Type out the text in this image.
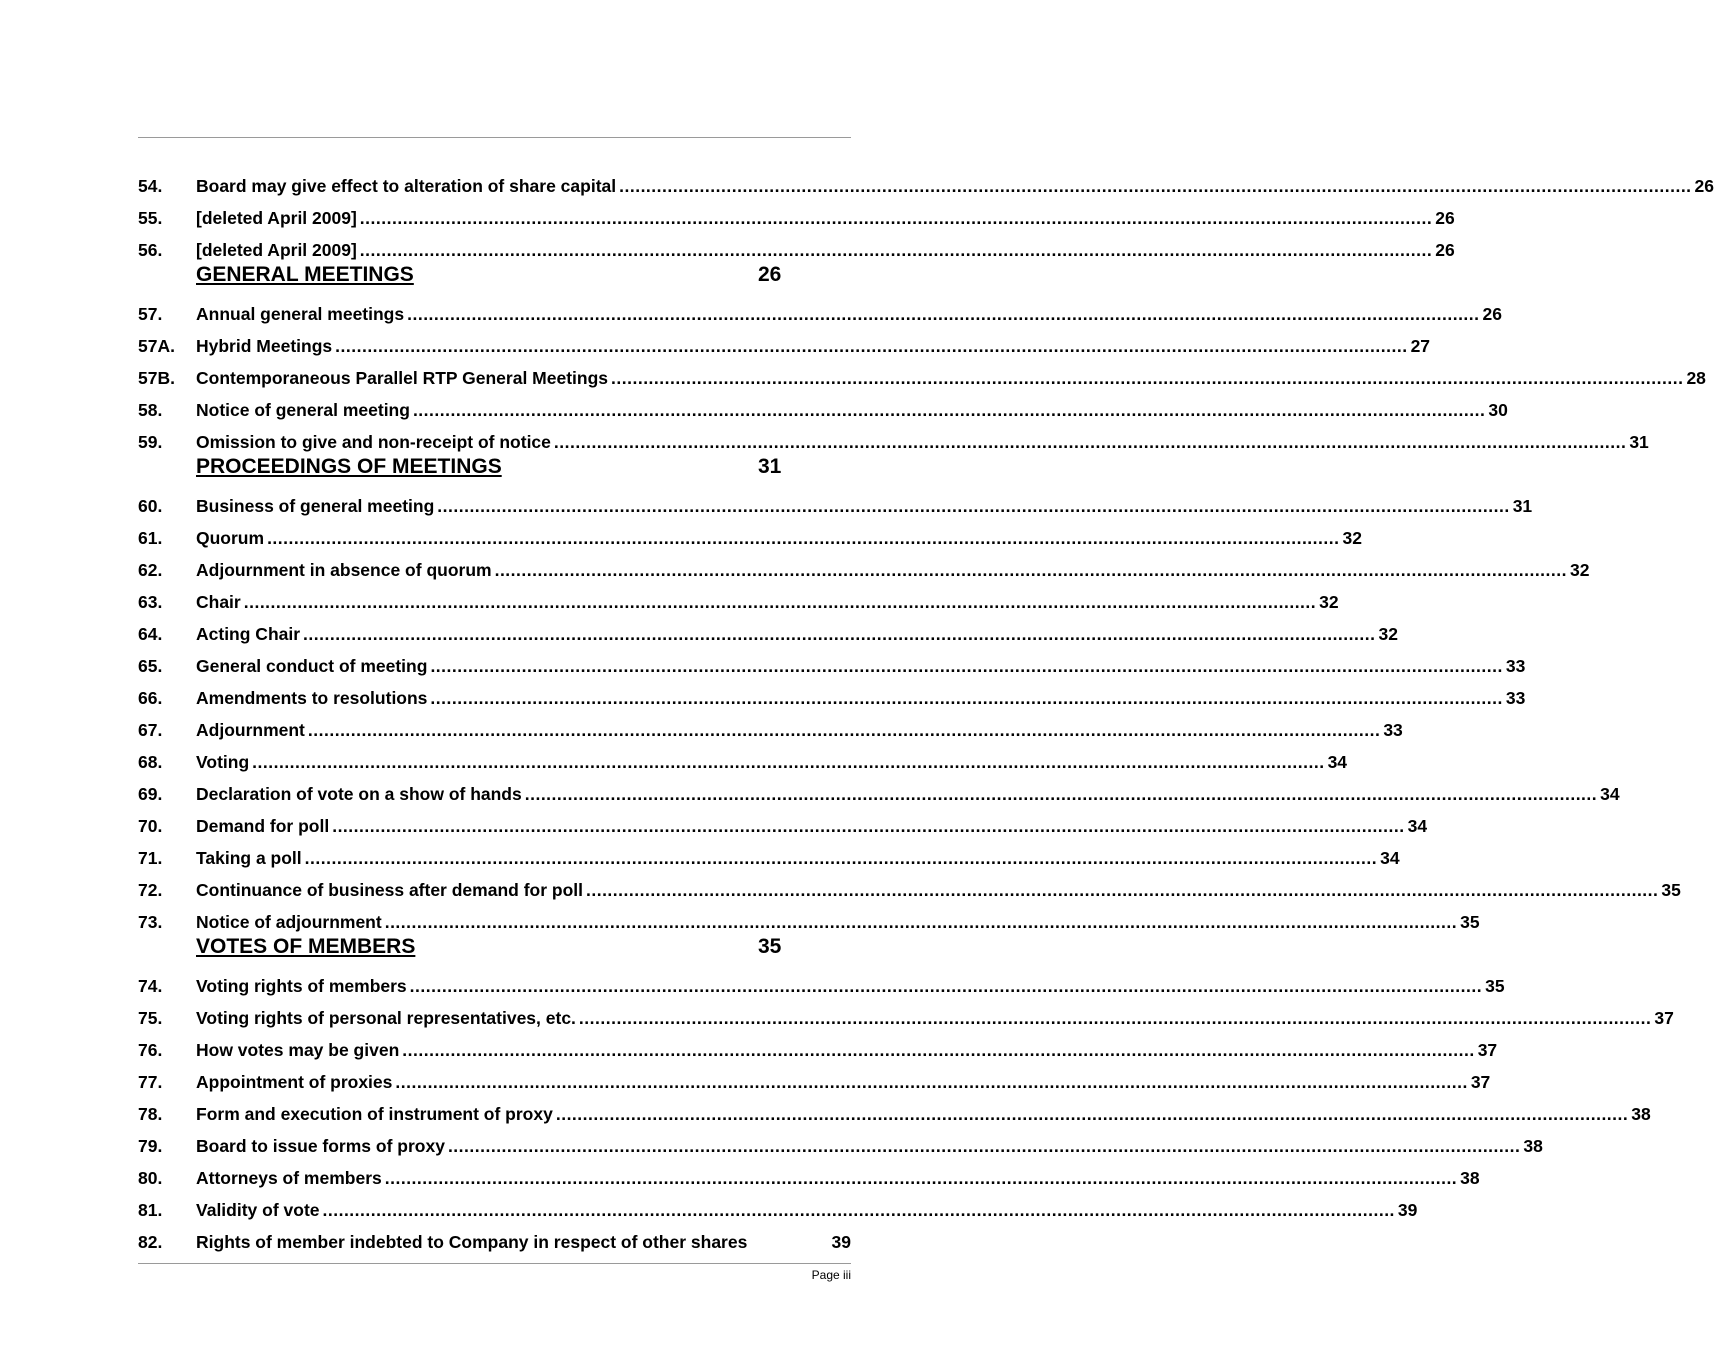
54. Board may give effect to alteration of share capital ........................................................................................................................................................................................................ 26
55. [deleted April 2009] ........................................................................................................................................................................................................ 26
56. [deleted April 2009] ........................................................................................................................................................................................................ 26
GENERAL MEETINGS	26
57. Annual general meetings ........................................................................................................................................................................................................ 26
57A. Hybrid Meetings ........................................................................................................................................................................................................ 27
57B. Contemporaneous Parallel RTP General Meetings ........................................................................................................................................................................................................ 28
58. Notice of general meeting ........................................................................................................................................................................................................ 30
59. Omission to give and non-receipt of notice ........................................................................................................................................................................................................ 31
PROCEEDINGS OF MEETINGS	31
60. Business of general meeting ........................................................................................................................................................................................................ 31
61. Quorum ........................................................................................................................................................................................................ 32
62. Adjournment in absence of quorum ........................................................................................................................................................................................................ 32
63. Chair ........................................................................................................................................................................................................ 32
64. Acting Chair ........................................................................................................................................................................................................ 32
65. General conduct of meeting ........................................................................................................................................................................................................ 33
66. Amendments to resolutions ........................................................................................................................................................................................................ 33
67. Adjournment ........................................................................................................................................................................................................ 33
68. Voting ........................................................................................................................................................................................................ 34
69. Declaration of vote on a show of hands ........................................................................................................................................................................................................ 34
70. Demand for poll ........................................................................................................................................................................................................ 34
71. Taking a poll ........................................................................................................................................................................................................ 34
72. Continuance of business after demand for poll ........................................................................................................................................................................................................ 35
73. Notice of adjournment ........................................................................................................................................................................................................ 35
VOTES OF MEMBERS	35
74. Voting rights of members ........................................................................................................................................................................................................ 35
75. Voting rights of personal representatives, etc. ........................................................................................................................................................................................................ 37
76. How votes may be given ........................................................................................................................................................................................................ 37
77. Appointment of proxies ........................................................................................................................................................................................................ 37
78. Form and execution of instrument of proxy ........................................................................................................................................................................................................ 38
79. Board to issue forms of proxy ........................................................................................................................................................................................................ 38
80. Attorneys of members ........................................................................................................................................................................................................ 38
81. Validity of vote ........................................................................................................................................................................................................ 39
82. Rights of member indebted to Company in respect of other shares	39
Page iii
